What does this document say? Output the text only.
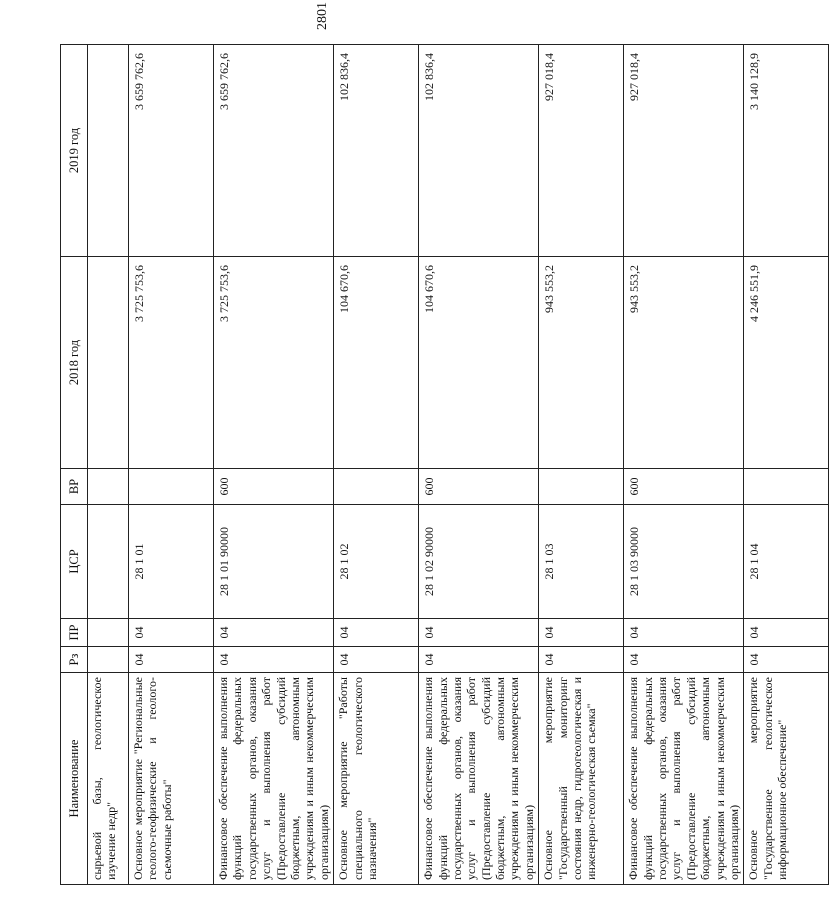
2801
Наименование	Рз	ПР	ЦСР	ВР	2018 год	2019 год
сырьевой базы, геологическое изучение недр"						
Основное мероприятие "Региональные геолого-геофизические и геолого-съемочные работы"	04	04	28 1 01		3 725 753,6	3 659 762,6
Финансовое обеспечение выполнения функций федеральных государственных органов, оказания услуг и выполнения работ (Предоставление субсидий бюджетным, автономным учреждениям и иным некоммерческим организациям)	04	04	28 1 01 90000	600	3 725 753,6	3 659 762,6
Основное мероприятие "Работы специального геологического назначения"	04	04	28 1 02		104 670,6	102 836,4
Финансовое обеспечение выполнения функций федеральных государственных органов, оказания услуг и выполнения работ (Предоставление субсидий бюджетным, автономным учреждениям и иным некоммерческим организациям)	04	04	28 1 02 90000	600	104 670,6	102 836,4
Основное мероприятие "Государственный мониторинг состояния недр, гидрогеологическая и инженерно-геологическая съемка"	04	04	28 1 03		943 553,2	927 018,4
Финансовое обеспечение выполнения функций федеральных государственных органов, оказания услуг и выполнения работ (Предоставление субсидий бюджетным, автономным учреждениям и иным некоммерческим организациям)	04	04	28 1 03 90000	600	943 553,2	927 018,4
Основное мероприятие "Государственное геологическое информационное обеспечение"	04	04	28 1 04		4 246 551,9	3 140 128,9
